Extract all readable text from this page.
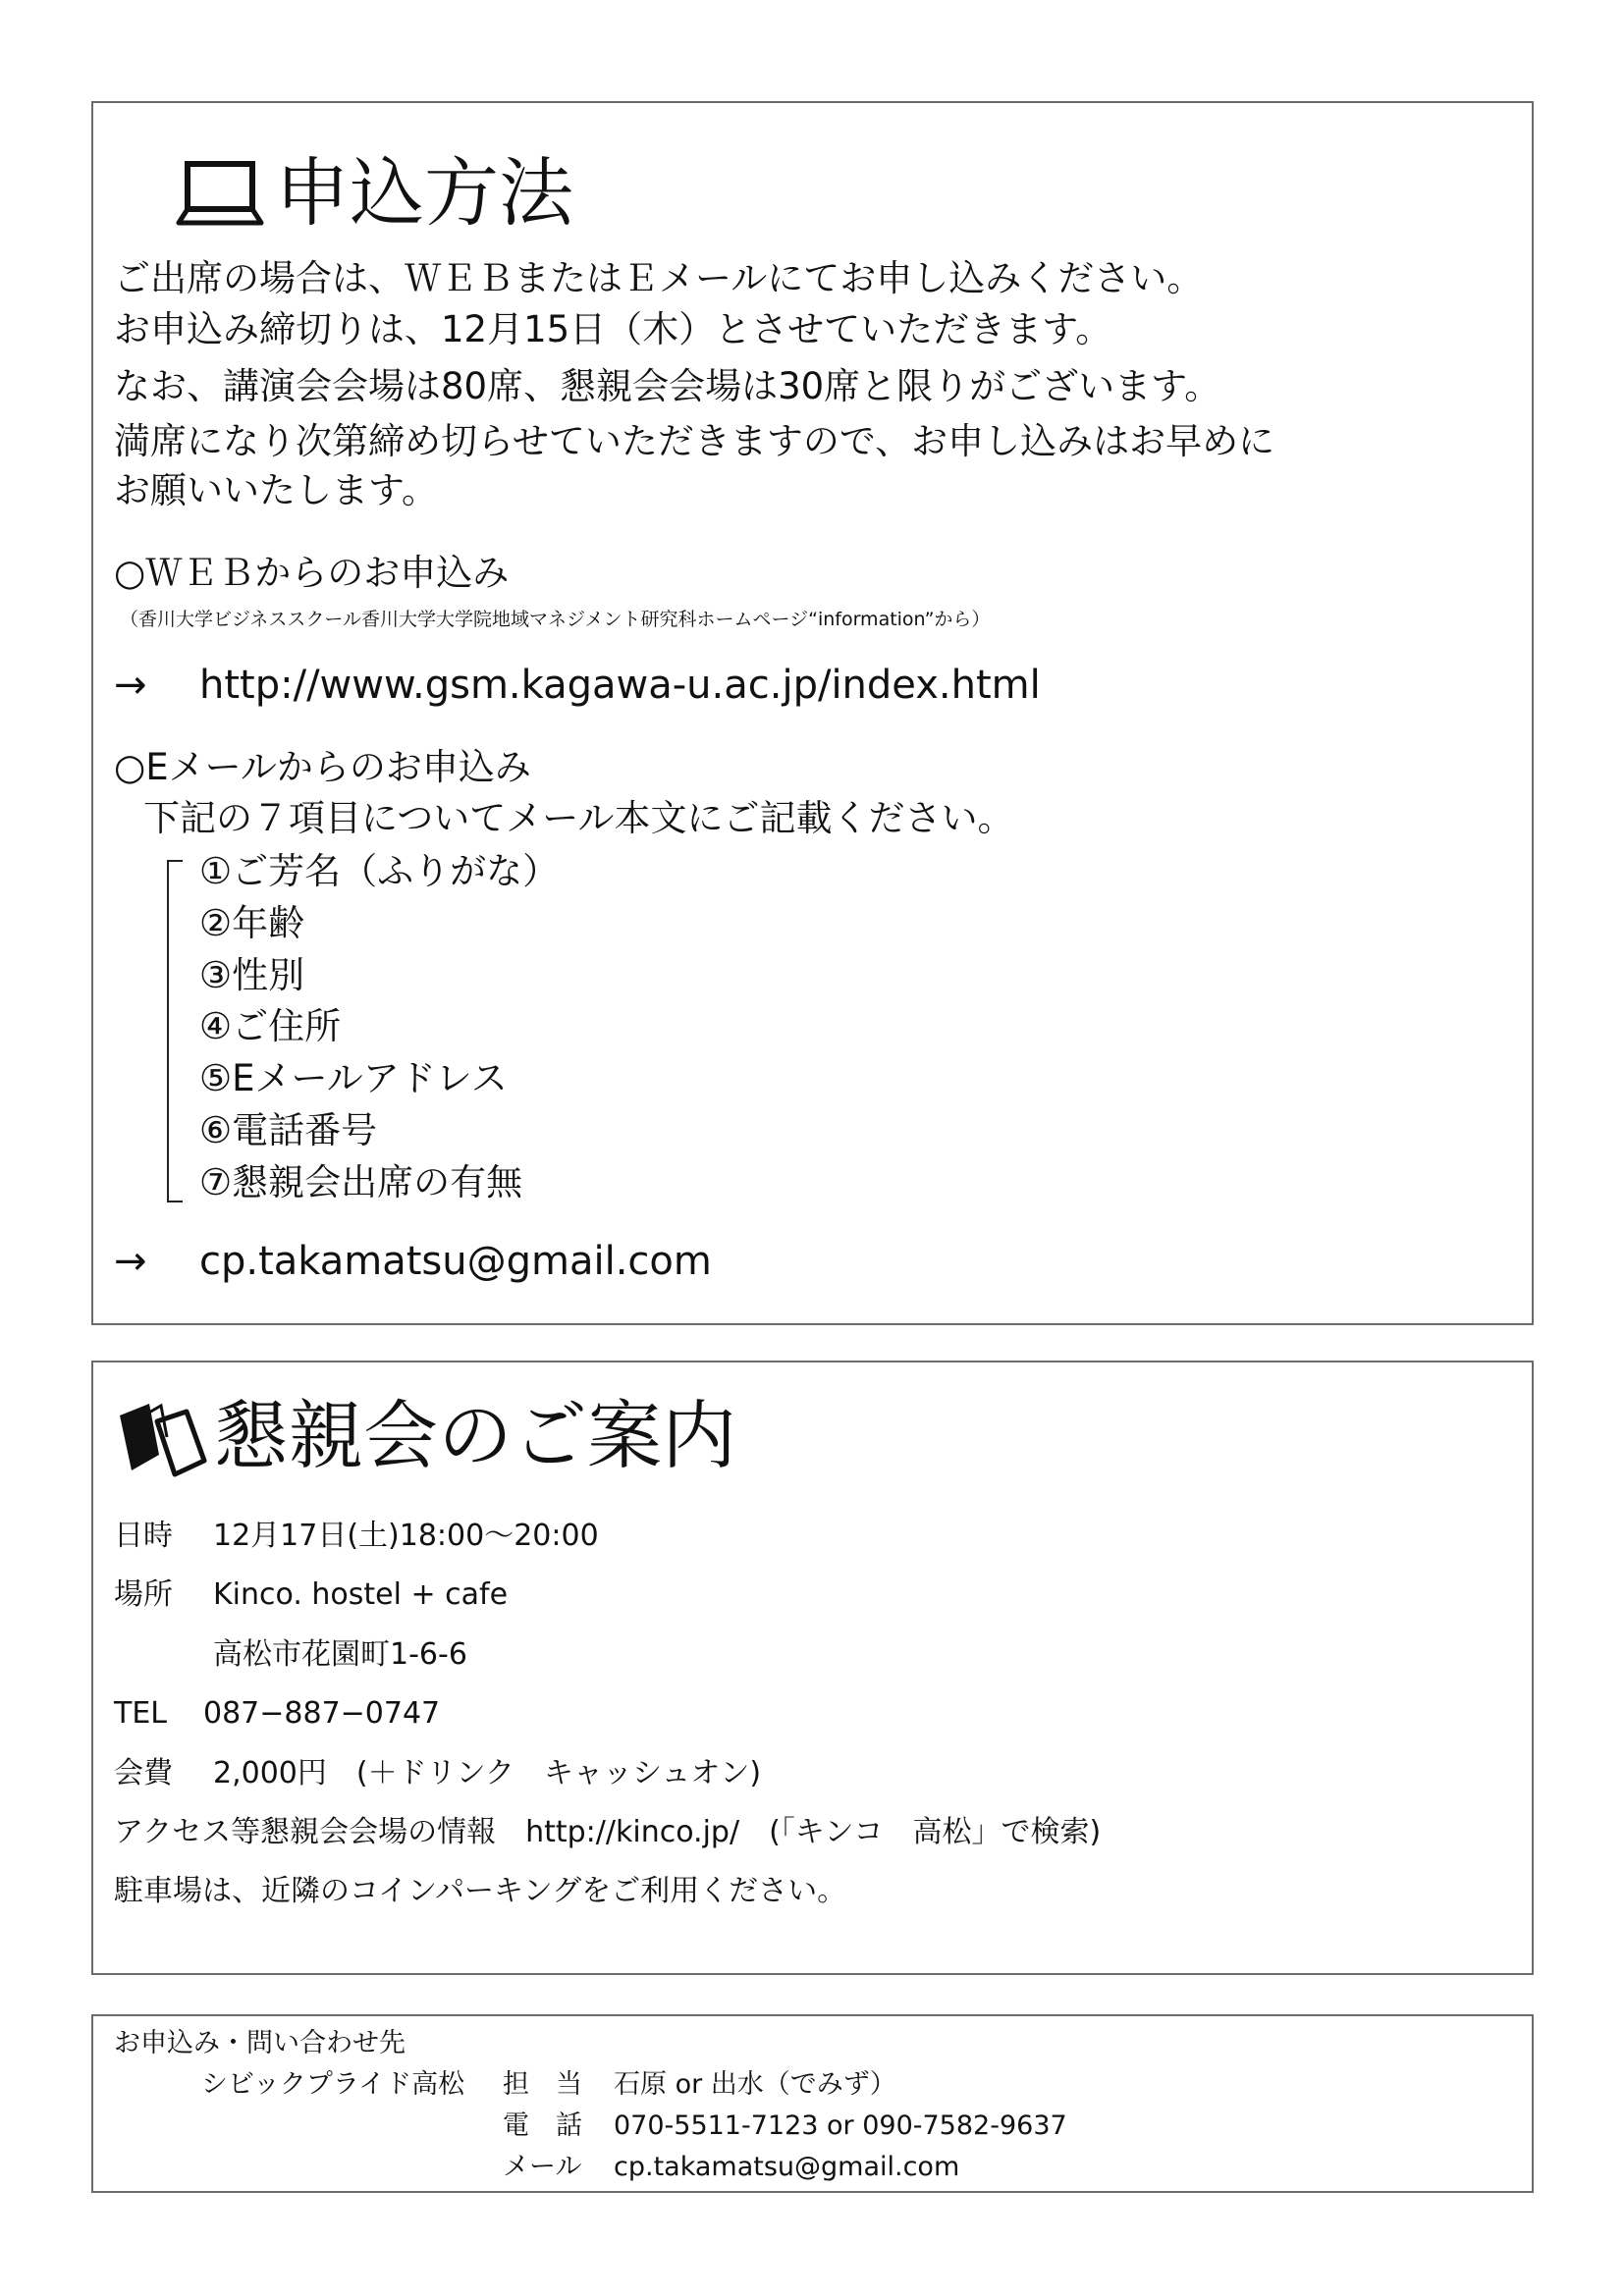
申込方法
ご出席の場合は、ＷＥＢまたはＥメールにてお申し込みください。
お申込み締切りは、12月15日（木）とさせていただきます。
なお、講演会会場は80席、懇親会会場は30席と限りがございます。
満席になり次第締め切らせていただきますので、お申し込みはお早めに
お願いいたします。
○ＷＥＢからのお申込み
（香川大学ビジネススクール香川大学大学院地域マネジメント研究科ホームページ“information”から）
→ http://www.gsm.kagawa-u.ac.jp/index.html
○Eメールからのお申込み
下記の７項目についてメール本文にご記載ください。
①ご芳名（ふりがな）
②年齢
③性別
④ご住所
⑤Eメールアドレス
⑥電話番号
⑦懇親会出席の有無
→ cp.takamatsu@gmail.com
懇親会のご案内
日時 12月17日(土)18:00～20:00
場所 Kinco. hostel + cafe
高松市花園町1-6-6
TEL 087−887−0747
会費 2,000円　(＋ドリンク　キャッシュオン)
アクセス等懇親会会場の情報　http://kinco.jp/　(「キンコ　高松」で検索)
駐車場は、近隣のコインパーキングをご利用ください。
お申込み・問い合わせ先
シビックプライド高松 担　当 石原 or 出水（でみず）
電　話 070-5511-7123 or 090-7582-9637
メール cp.takamatsu@gmail.com
